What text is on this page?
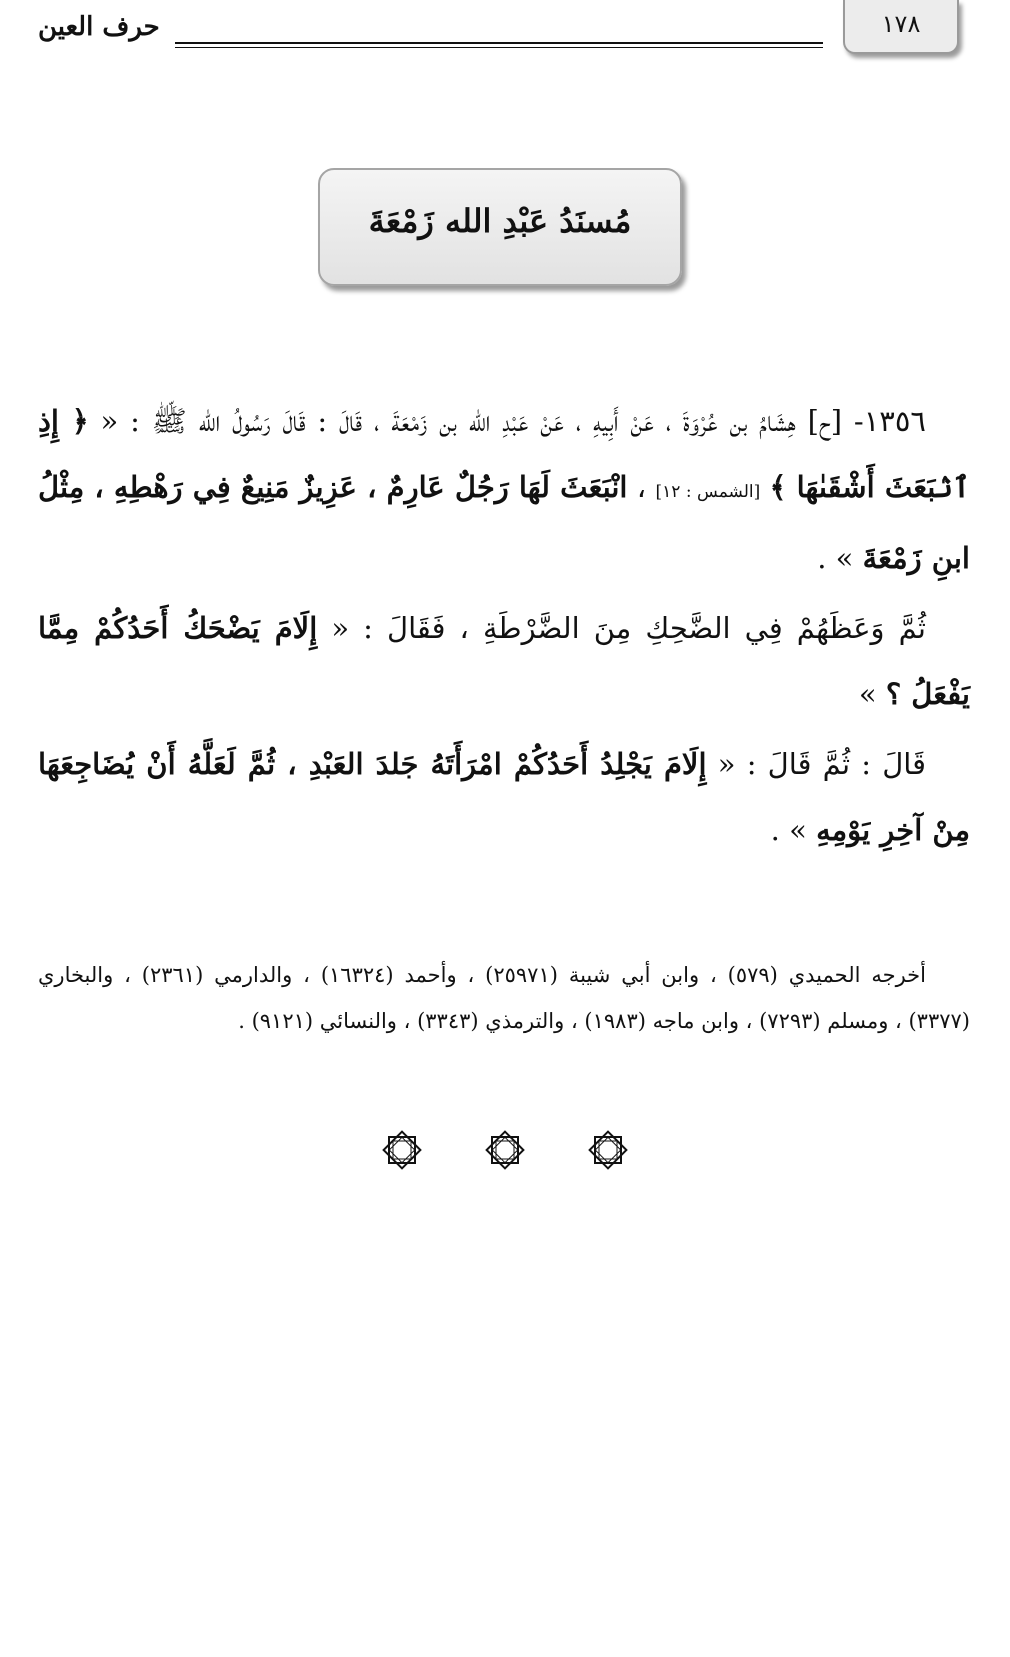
حرف العين	١٧٨
مُسنَدُ عَبْدِ الله زَمْعَةَ

١٣٥٦- [ح] هِشَامُ بن عُرْوَةَ ، عَنْ أَبِيهِ ، عَنْ عَبْدِ الله بن زَمْعَةَ ، قَالَ : قَالَ رَسُولُ الله ﷺ : « ﴿ إِذِ ٱنۢبَعَثَ أَشْقَىٰهَا ﴾ [الشمس : ١٢] ، انْبَعَثَ لَهَا رَجُلٌ عَارِمٌ ، عَزِيزٌ مَنِيعٌ فِي رَهْطِهِ ، مِثْلُ ابنِ زَمْعَةَ » .

ثُمَّ وَعَظَهُمْ فِي الضَّحِكِ مِنَ الضَّرْطَةِ ، فَقَالَ : « إِلَامَ يَضْحَكُ أَحَدُكُمْ مِمَّا يَفْعَلُ ؟ »

قَالَ : ثُمَّ قَالَ : « إِلَامَ يَجْلِدُ أَحَدُكُمْ امْرَأَتَهُ جَلدَ العَبْدِ ، ثُمَّ لَعَلَّهُ أَنْ يُضَاجِعَهَا مِنْ آخِرِ يَوْمِهِ » .

أخرجه الحميدي (٥٧٩) ، وابن أبي شيبة (٢٥٩٧١) ، وأحمد (١٦٣٢٤) ، والدارمي (٢٣٦١) ، والبخاري (٣٣٧٧) ، ومسلم (٧٢٩٣) ، وابن ماجه (١٩٨٣) ، والترمذي (٣٣٤٣) ، والنسائي (٩١٢١) .
